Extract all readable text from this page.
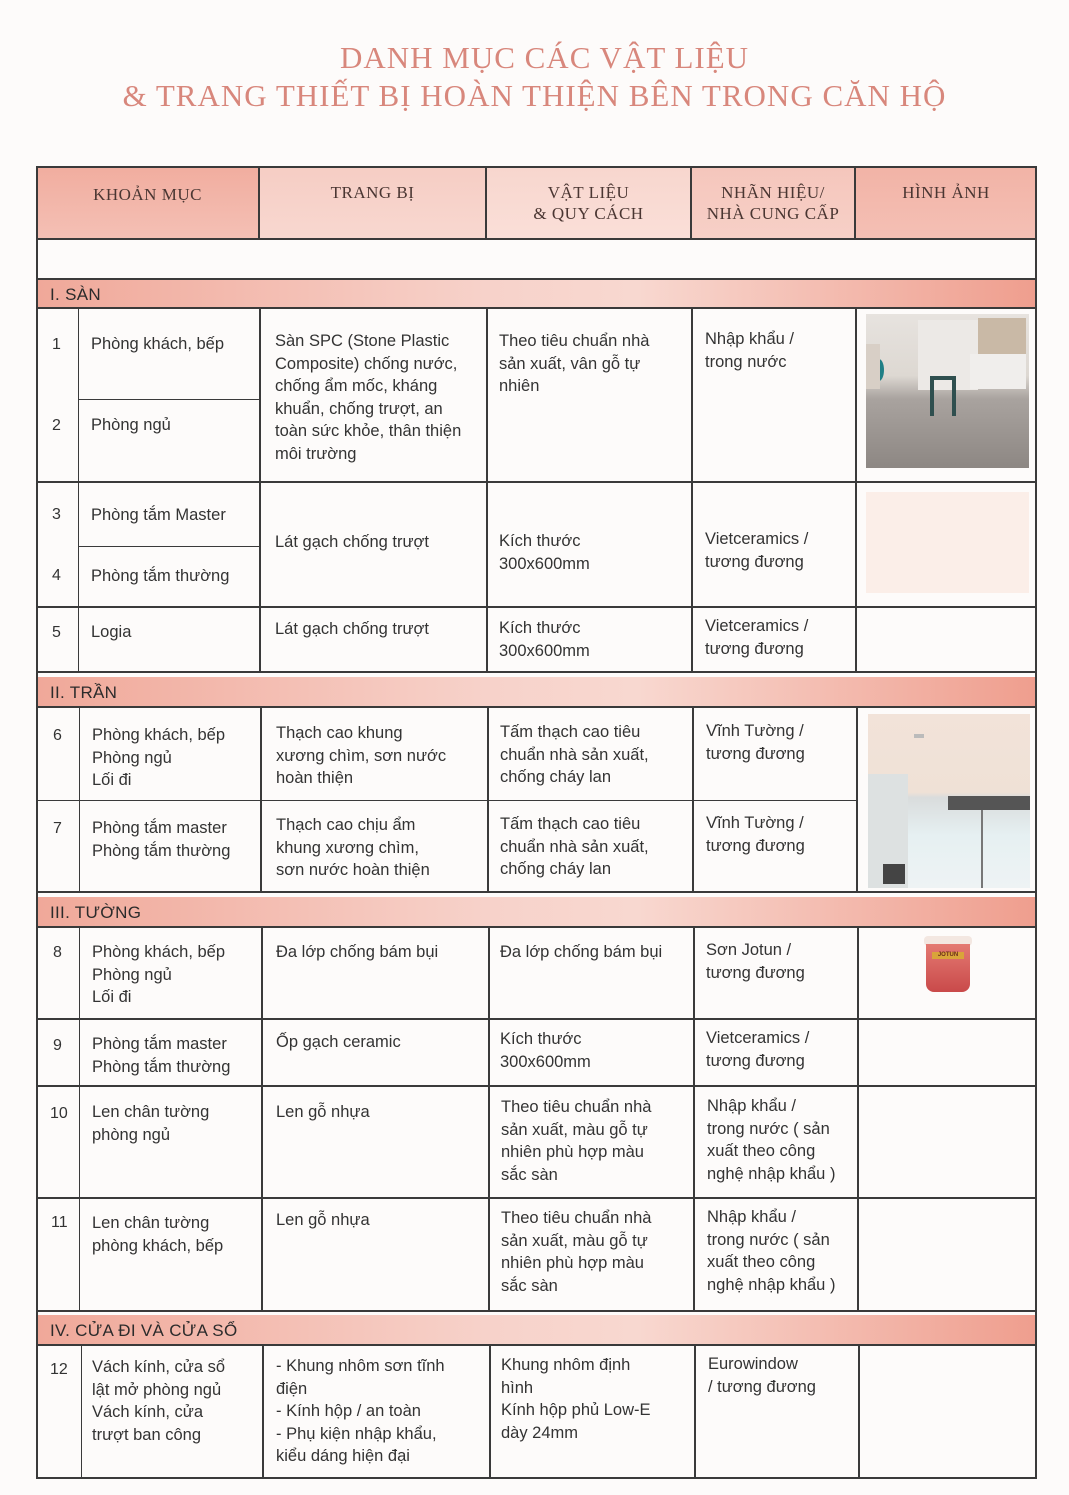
DANH MỤC CÁC VẬT LIỆU
& TRANG THIẾT BỊ HOÀN THIỆN BÊN TRONG CĂN HỘ
KHOẢN MỤC	TRANG BỊ	VẬT LIỆU
& QUY CÁCH
NHÃN HIỆU/
NHÀ CUNG CẤP
HÌNH ẢNH
I. SÀN
II. TRẦN
III. TƯỜNG
IV. CỬA ĐI VÀ CỬA SỔ
JOTUN
1
2
3
4
5
6
7
8
9
10
11
12
Phòng khách, bếp
Phòng ngủ
Phòng tắm Master
Phòng tắm thường
Logia
Phòng khách, bếp
Phòng ngủ
Lối đi
Phòng tắm master
Phòng tắm thường
Phòng khách, bếp
Phòng ngủ
Lối đi
Phòng tắm master
Phòng tắm thường
Len chân tường
phòng ngủ
Len chân tường
phòng khách, bếp
Vách kính, cửa sổ
lật mở phòng ngủ
Vách kính, cửa
trượt ban công
Sàn SPC (Stone Plastic
Composite) chống nước,
chống ẩm mốc, kháng
khuẩn, chống trượt, an
toàn sức khỏe, thân thiện
môi trường
Lát gạch chống trượt
Lát gạch chống trượt
Thạch cao khung
xương chìm, sơn nước
hoàn thiện
Thạch cao chịu ẩm
khung xương chìm,
sơn nước hoàn thiện
Đa lớp chống bám bụi
Ốp gạch ceramic
Len gỗ nhựa
Len gỗ nhựa
- Khung nhôm sơn tĩnh
điện
- Kính hộp / an toàn
- Phụ kiện nhập khẩu,
kiểu dáng hiện đại
Theo tiêu chuẩn nhà
sản xuất, vân gỗ tự
nhiên
Kích thước
300x600mm
Kích thước
300x600mm
Tấm thạch cao tiêu
chuẩn nhà sản xuất,
chống cháy lan
Tấm thạch cao tiêu
chuẩn nhà sản xuất,
chống cháy lan
Đa lớp chống bám bụi
Kích thước
300x600mm
Theo tiêu chuẩn nhà
sản xuất, màu gỗ tự
nhiên phù hợp màu
sắc sàn
Theo tiêu chuẩn nhà
sản xuất, màu gỗ tự
nhiên phù hợp màu
sắc sàn
Khung nhôm định
hình
Kính hộp phủ Low-E
dày 24mm
Nhập khẩu /
trong nước
Vietceramics /
tương đương
Vietceramics /
tương đương
Vĩnh Tường /
tương đương
Vĩnh Tường /
tương đương
Sơn Jotun /
tương đương
Vietceramics /
tương đương
Nhập khẩu /
trong nước ( sản
xuất theo công
nghệ nhập khẩu )
Nhập khẩu /
trong nước ( sản
xuất theo công
nghệ nhập khẩu )
Eurowindow
/ tương đương
